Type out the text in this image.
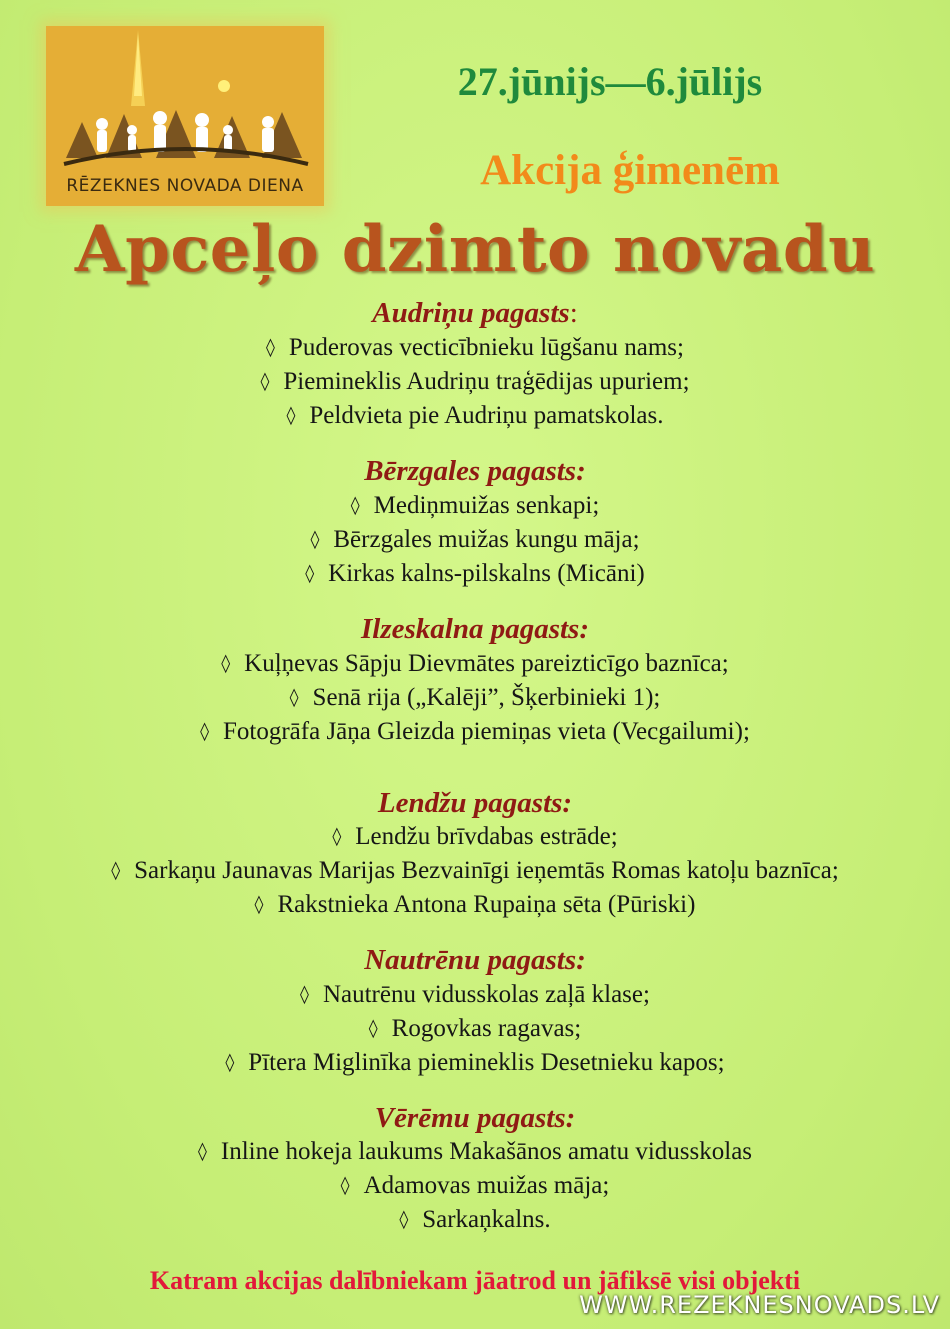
RĒZEKNES NOVADA DIENA
27.jūnijs—6.jūlijs
Akcija ģimenēm
Apceļo dzimto novadu
Audriņu pagasts:
◊ Puderovas vecticībnieku lūgšanu nams;
◊ Piemineklis Audriņu traģēdijas upuriem;
◊ Peldvieta pie Audriņu pamatskolas.
Bērzgales pagasts:
◊ Mediņmuižas senkapi;
◊ Bērzgales muižas kungu māja;
◊ Kirkas kalns-pilskalns (Micāni)
Ilzeskalna pagasts:
◊ Kuļņevas Sāpju Dievmātes pareizticīgo baznīca;
◊ Senā rija („Kalēji”, Šķerbinieki 1);
◊ Fotogrāfa Jāņa Gleizda piemiņas vieta (Vecgailumi);
Lendžu pagasts:
◊ Lendžu brīvdabas estrāde;
◊ Sarkaņu Jaunavas Marijas Bezvainīgi ieņemtās Romas katoļu baznīca;
◊ Rakstnieka Antona Rupaiņa sēta (Pūriski)
Nautrēnu pagasts:
◊ Nautrēnu vidusskolas zaļā klase;
◊ Rogovkas ragavas;
◊ Pītera Miglinīka piemineklis Desetnieku kapos;
Vērēmu pagasts:
◊ Inline hokeja laukums Makašānos amatu vidusskolas
◊ Adamovas muižas māja;
◊ Sarkaņkalns.
Katram akcijas dalībniekam jāatrod un jāfiksē visi objekti
WWW.REZEKNESNOVADS.LV
